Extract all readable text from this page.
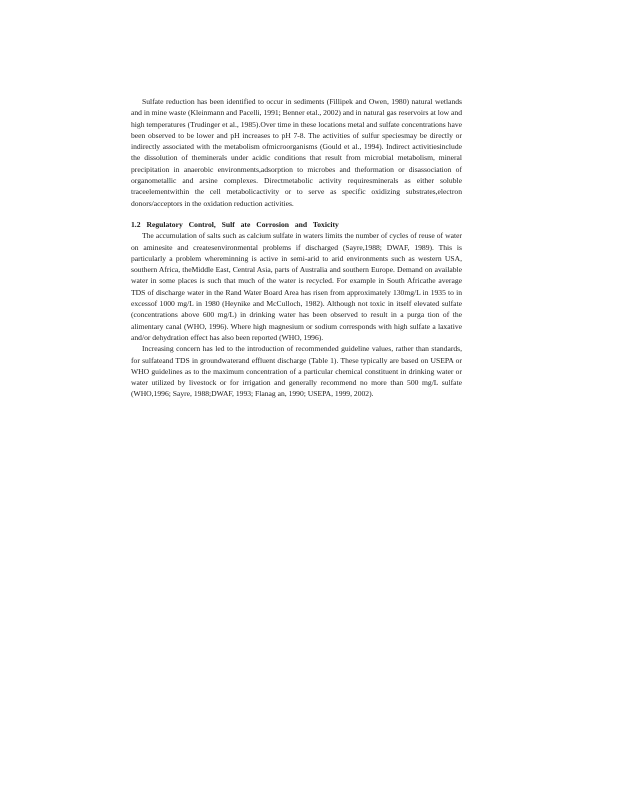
Sulfate reduction has been identified to occur in sediments (Fillipek and Owen, 1980) natural wetlands and in mine waste (Kleinmann and Pacelli, 1991; Benner etal., 2002) and in natural gas reservoirs at low and high temperatures (Trudinger et al., 1985).Over time in these locations metal and sulfate concentrations have been observed to be lower and pH increases to pH 7-8. The activities of sulfur speciesmay be directly or indirectly associated with the metabolism ofmicroorganisms (Gould et al., 1994). Indirect activitiesinclude the dissolution of theminerals under acidic conditions that result from microbial metabolism, mineral precipitation in anaerobic environments,adsorption to microbes and theformation or disassociation of organometallic and arsine complexes. Directmetabolic activity requiresminerals as either soluble traceelementwithin the cell metabolicactivity or to serve as specific oxidizing substrates,electron donors/acceptors in the oxidation reduction activities.

1.2 Regulatory Control, Sulf ate Corrosion and Toxicity

The accumulation of salts such as calcium sulfate in waters limits the number of cycles of reuse of water on aminesite and createsenvironmental problems if discharged (Sayre,1988; DWAF, 1989). This is particularly a problem whereminning is active in semi-arid to arid environments such as western USA, southern Africa, theMiddle East, Central Asia, parts of Australia and southern Europe. Demand on available water in some places is such that much of the water is recycled. For example in South Africathe average TDS of discharge water in the Rand Water Board Area has risen from approximately 130mg/L in 1935 to in excessof 1000 mg/L in 1980 (Heynike and McCulloch, 1982). Although not toxic in itself elevated sulfate (concentrations above 600 mg/L) in drinking water has been observed to result in a purga tion of the alimentary canal (WHO, 1996). Where high magnesium or sodium corresponds with high sulfate a laxative and/or dehydration effect has also been reported (WHO, 1996).

Increasing concern has led to the introduction of recommended guideline values, rather than standards, for sulfateand TDS in groundwaterand effluent discharge (Table 1). These typically are based on USEPA or WHO guidelines as to the maximum concentration of a particular chemical constituent in drinking water or water utilized by livestock or for irrigation and generally recommend no more than 500 mg/L sulfate (WHO,1996; Sayre, 1988;DWAF, 1993; Flanag an, 1990; USEPA, 1999, 2002).
